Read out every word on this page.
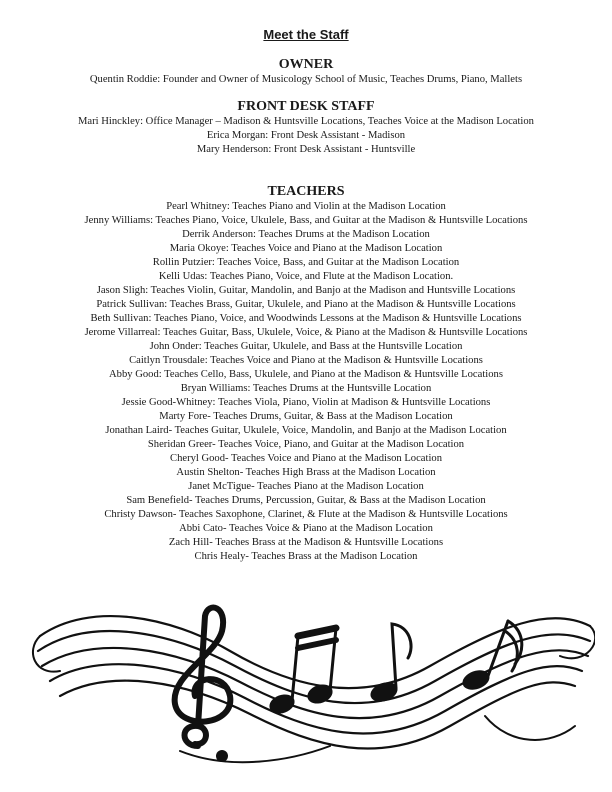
Meet the Staff
OWNER
Quentin Roddie: Founder and Owner of Musicology School of Music, Teaches Drums, Piano, Mallets
FRONT DESK STAFF
Mari Hinckley: Office Manager – Madison & Huntsville Locations, Teaches Voice at the Madison Location
Erica Morgan: Front Desk Assistant - Madison
Mary Henderson: Front Desk Assistant - Huntsville
TEACHERS
Pearl Whitney: Teaches Piano and Violin at the Madison Location
Jenny Williams: Teaches Piano, Voice, Ukulele, Bass, and Guitar at the Madison & Huntsville Locations
Derrik Anderson: Teaches Drums at the Madison Location
Maria Okoye: Teaches Voice and Piano at the Madison Location
Rollin Putzier: Teaches Voice, Bass, and Guitar at the Madison Location
Kelli Udas: Teaches Piano, Voice, and Flute at the Madison Location.
Jason Sligh: Teaches Violin, Guitar, Mandolin, and Banjo at the Madison and Huntsville Locations
Patrick Sullivan: Teaches Brass, Guitar, Ukulele, and Piano at the Madison & Huntsville Locations
Beth Sullivan: Teaches Piano, Voice, and Woodwinds Lessons at the Madison & Huntsville Locations
Jerome Villarreal: Teaches Guitar, Bass, Ukulele, Voice, & Piano at the Madison & Huntsville Locations
John Onder: Teaches Guitar, Ukulele, and Bass at the Huntsville Location
Caitlyn Trousdale: Teaches Voice and Piano at the Madison & Huntsville Locations
Abby Good: Teaches Cello, Bass, Ukulele, and Piano at the Madison & Huntsville Locations
Bryan Williams: Teaches Drums at the Huntsville Location
Jessie Good-Whitney: Teaches Viola, Piano, Violin at Madison & Huntsville Locations
Marty Fore- Teaches Drums, Guitar, & Bass at the Madison Location
Jonathan Laird- Teaches Guitar, Ukulele, Voice, Mandolin, and Banjo at the Madison Location
Sheridan Greer- Teaches Voice, Piano, and Guitar at the Madison Location
Cheryl Good- Teaches Voice and Piano at the Madison Location
Austin Shelton- Teaches High Brass at the Madison Location
Janet McTigue- Teaches Piano at the Madison Location
Sam Benefield- Teaches Drums, Percussion, Guitar, & Bass at the Madison Location
Christy Dawson- Teaches Saxophone, Clarinet, & Flute at the Madison & Huntsville Locations
Abbi Cato- Teaches Voice & Piano at the Madison Location
Zach Hill- Teaches Brass at the Madison & Huntsville Locations
Chris Healy- Teaches Brass at the Madison Location
